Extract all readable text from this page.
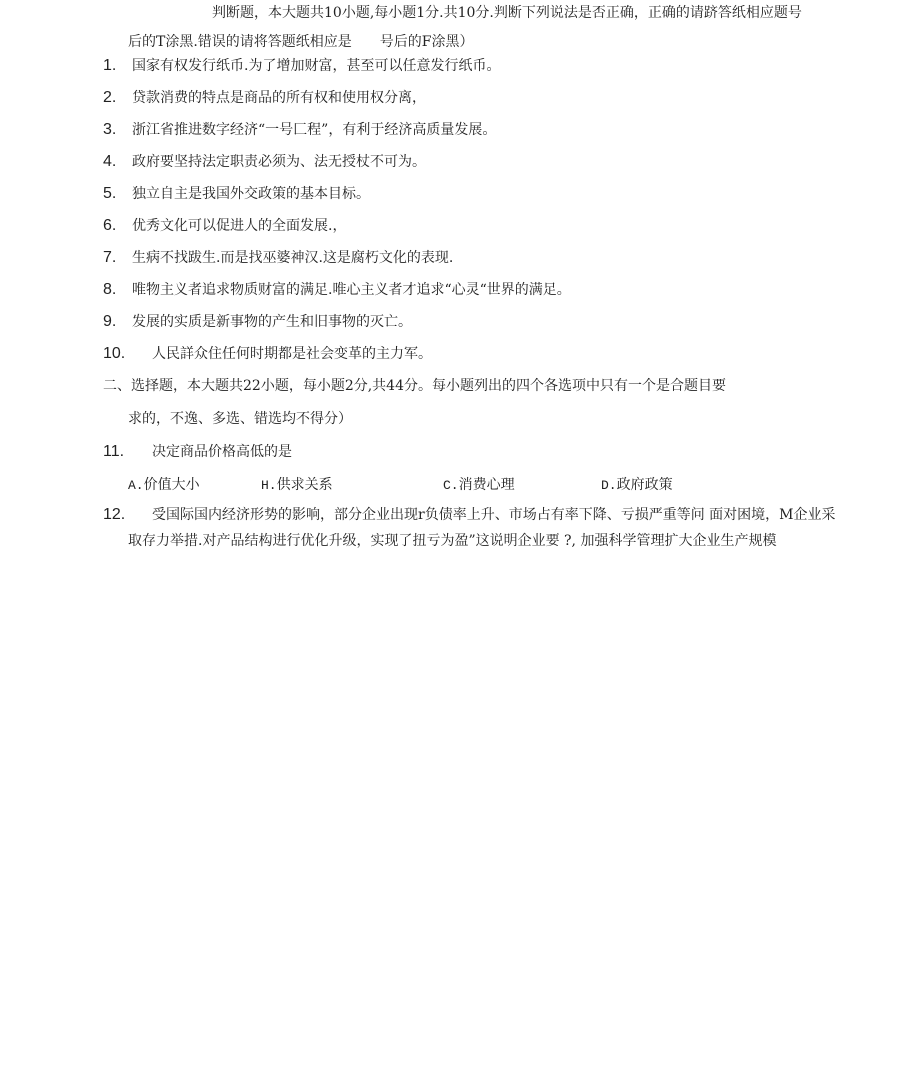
判断题，本大题共10小题,每小题1分.共10分.判断下列说法是否正确，正确的请跻答纸相应题号
后的T涂黑.错误的请将答题纸相应是　　号后的F涂黑）
1. 国家有权发行纸币.为了增加财富，甚至可以任意发行纸币。
2. 贷款消费的特点是商品的所有权和使用权分离，
3. 浙江省推进数字经济“一号匚程”，有利于经济高质量发展。
4. 政府要坚持法定职责必须为、法无授杖不可为。
5. 独立自主是我国外交政策的基本目标。
6. 优秀文化可以促进人的全面发展.，
7. 生病不找跋生.而是找巫婆神汉.这是腐朽文化的表现.
8. 唯物主义者追求物质财富的满足.唯心主义者才追求“心灵“世界的满足。
9. 发展的实质是新事物的产生和旧事物的灭亡。
10. 人民詳众住任何时期都是社会变革的主力军。
二、选择题，本大题共22小题，每小题2分,共44分。每小题列出的四个各选项中只有一个是合题目要
求的，不逸、多选、错选均不得分）
11. 决定商品价格高低的是
A.价值大小	H.供求关系	C.消费心理	D.政府政策
12.	受国际国内经济形势的影响，部分企业出现r负债率上升、市场占有率下降、亏损严重等问 面对困境，M企业采取存力举措.对产品结构进行优化升级，实现了扭亏为盈”这说明企业要 ?, 加强科学管理扩大企业生产规模
